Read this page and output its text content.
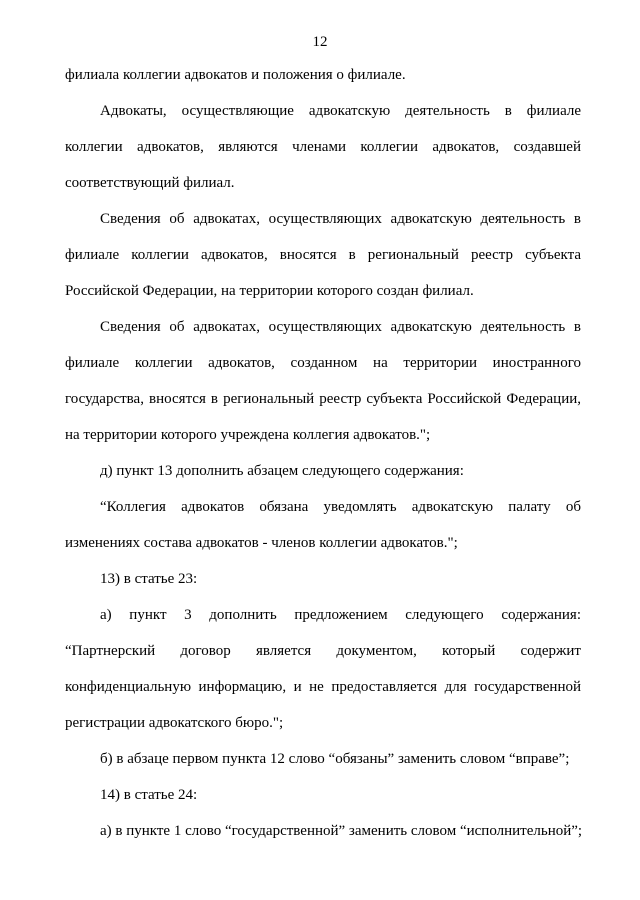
12
филиала коллегии адвокатов и положения о филиале.
Адвокаты, осуществляющие адвокатскую деятельность в филиале
коллегии адвокатов, являются членами коллегии адвокатов, создавшей
соответствующий филиал.
Сведения об адвокатах, осуществляющих адвокатскую деятельность в
филиале коллегии адвокатов, вносятся в региональный реестр субъекта
Российской Федерации, на территории которого создан филиал.
Сведения об адвокатах, осуществляющих адвокатскую деятельность в
филиале коллегии адвокатов, созданном на территории иностранного
государства, вносятся в региональный реестр субъекта Российской Федерации,
на территории которого учреждена коллегия адвокатов.";
д) пункт 13 дополнить абзацем следующего содержания:
“Коллегия адвокатов обязана уведомлять адвокатскую палату об
изменениях состава адвокатов - членов коллегии адвокатов.";
13) в статье 23:
а) пункт 3 дополнить предложением следующего содержания:
“Партнерский договор является документом, который содержит
конфиденциальную информацию, и не предоставляется для государственной
регистрации адвокатского бюро.";
б) в абзаце первом пункта 12 слово “обязаны” заменить словом “вправе”;
14) в статье 24:
а) в пункте 1 слово “государственной” заменить словом “исполнительной”;
